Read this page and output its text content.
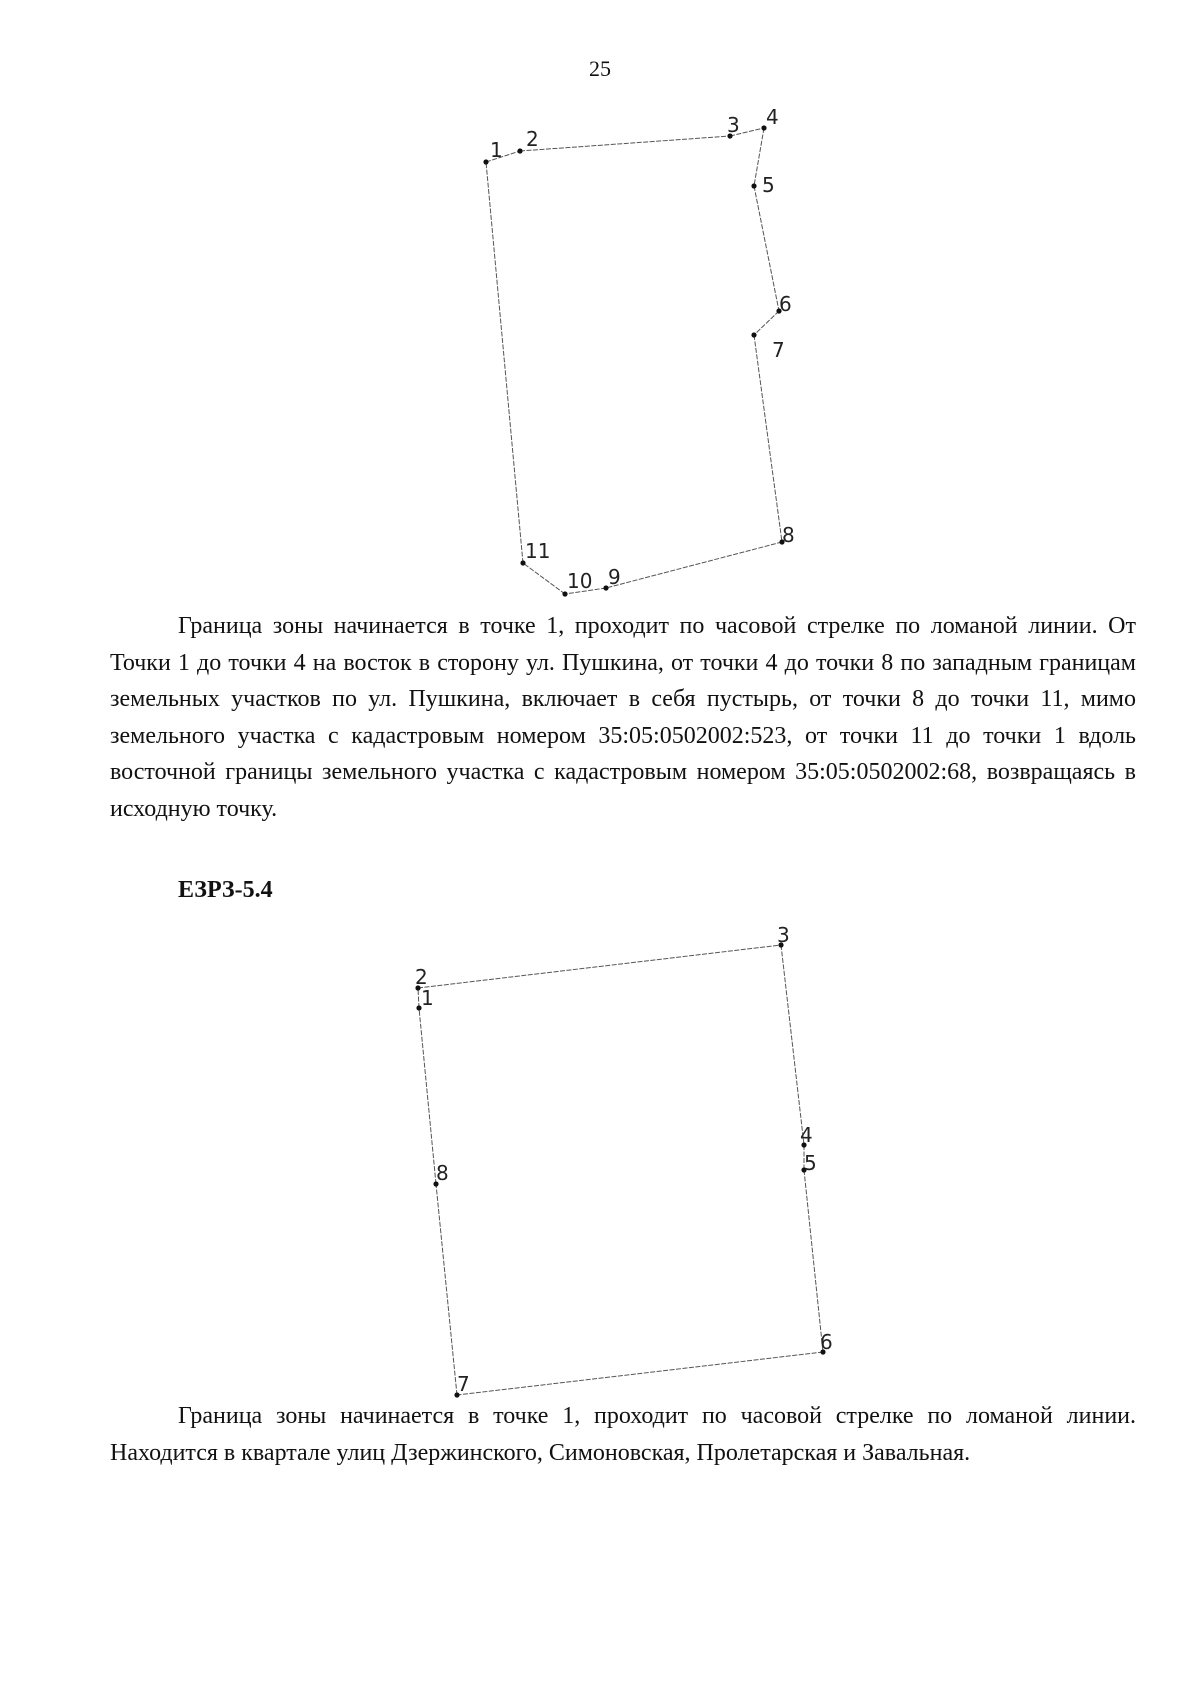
25
1 2
3 4
5
6
7
8
9
10
11

Граница зоны начинается в точке 1, проходит по часовой стрелке по ломаной линии. От Точки 1 до точки 4 на восток в сторону ул. Пушкина, от точки 4 до точки 8 по западным границам земельных участков по ул. Пушкина, включает в себя пустырь, от точки 8 до точки 11, мимо земельного участка с кадастровым номером 35:05:0502002:523, от точки 11 до точки 1 вдоль восточной границы земельного участка с кадастровым номером 35:05:0502002:68, возвращаясь в исходную точку.

ЕЗРЗ-5.4

1
2
3
4
5
6
7
8

Граница зоны начинается в точке 1, проходит по часовой стрелке по ломаной линии. Находится в квартале улиц Дзержинского, Симоновская, Пролетарская и Завальная.
